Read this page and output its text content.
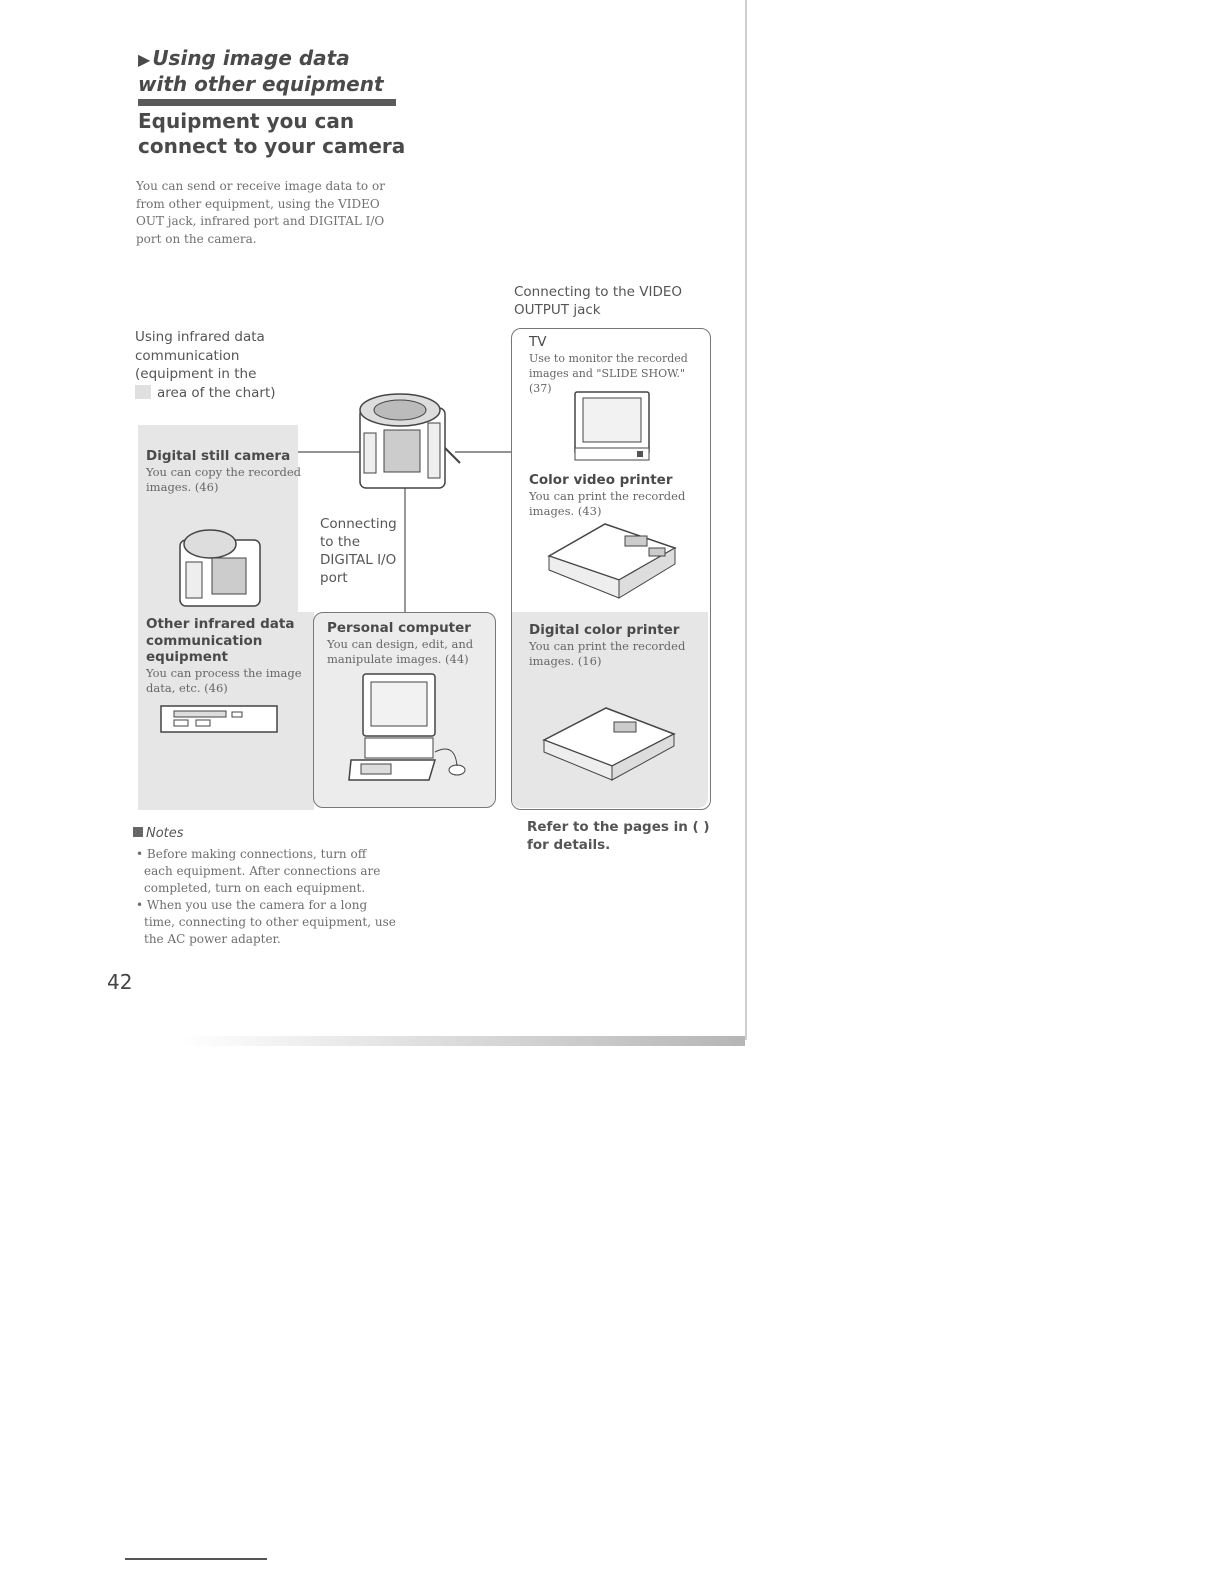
▶ Using image data with other equipment
Equipment you can connect to your camera
You can send or receive image data to or from other equipment, using the VIDEO OUT jack, infrared port and DIGITAL I/O port on the camera.
Using infrared data communication (equipment in the
area of the chart)
Connecting to the VIDEO OUTPUT jack
Connecting to the DIGITAL I/O port
Digital still camera
You can copy the recorded images. (46)
Other infrared data communication equipment
You can process the image data, etc. (46)
Personal computer
You can design, edit, and manipulate images. (44)
TV
Use to monitor the recorded images and "SLIDE SHOW." (37)
Color video printer
You can print the recorded images. (43)
Digital color printer
You can print the recorded images. (16)
Notes
• Before making connections, turn off each equipment. After connections are completed, turn on each equipment.
• When you use the camera for a long time, connecting to other equipment, use the AC power adapter.
Refer to the pages in ( ) for details.
42
